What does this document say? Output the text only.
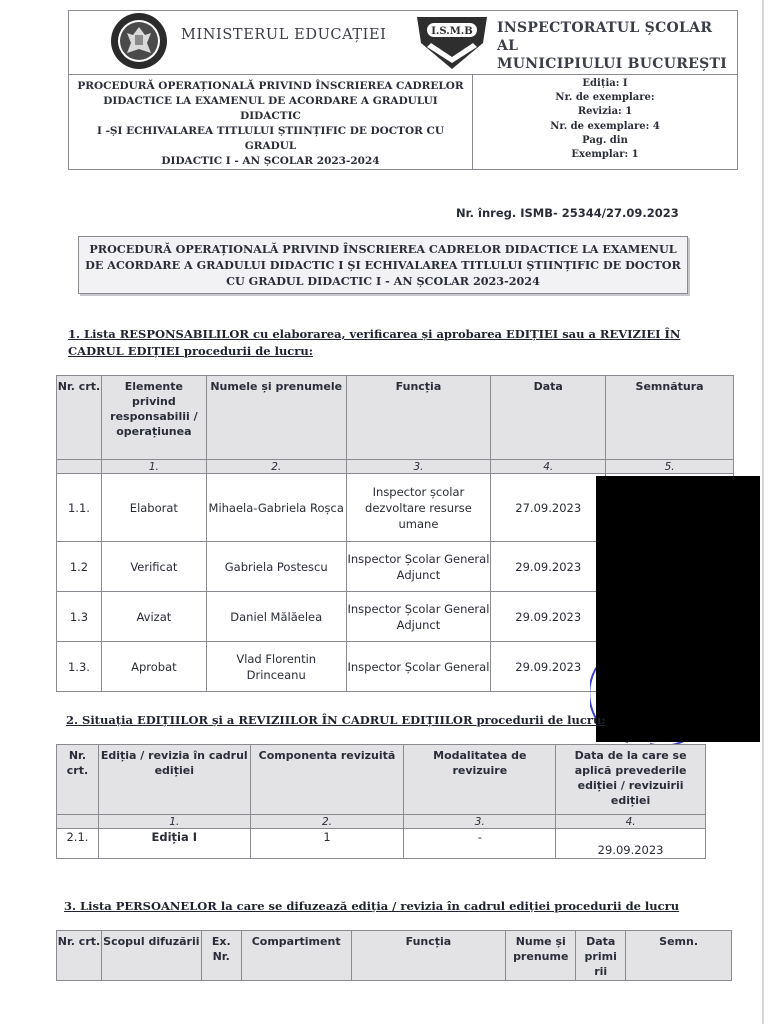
MINISTERUL EDUCAȚIEI	I.S.M.B INSPECTORATUL ȘCOLAR AL
MUNICIPIULUI BUCUREȘTI
PROCEDURĂ OPERAȚIONALĂ PRIVIND ÎNSCRIEREA CADRELOR
DIDACTICE LA EXAMENUL DE ACORDARE A GRADULUI DIDACTIC
I -ȘI ECHIVALAREA TITLULUI ȘTIINȚIFIC DE DOCTOR CU GRADUL
DIDACTIC I - AN ȘCOLAR 2023-2024
Ediția: I
Nr. de exemplare:
Revizia: 1
Nr. de exemplare: 4
Pag. din
Exemplar: 1
Nr. înreg. ISMB- 25344/27.09.2023
PROCEDURĂ OPERAȚIONALĂ PRIVIND ÎNSCRIEREA CADRELOR DIDACTICE LA EXAMENUL
DE ACORDARE A GRADULUI DIDACTIC I ȘI ECHIVALAREA TITLULUI ȘTIINȚIFIC DE DOCTOR
CU GRADUL DIDACTIC I - AN ȘCOLAR 2023-2024
1. Lista RESPONSABILILOR cu elaborarea, verificarea și aprobarea EDIȚIEI sau a REVIZIEI ÎN CADRUL EDIȚIEI procedurii de lucru:
Nr. crt.	Elemente privind responsabilii / operațiunea	Numele și prenumele	Funcția	Data	Semnătura
	1.	2.	3.	4.	5.
1.1.	Elaborat	Mihaela-Gabriela Roșca	Inspector școlar dezvoltare resurse umane	27.09.2023	
1.2	Verificat	Gabriela Postescu	Inspector Școlar General Adjunct	29.09.2023	
1.3	Avizat	Daniel Mălăelea	Inspector Școlar General Adjunct	29.09.2023	
1.3.	Aprobat	Vlad Florentin Drinceanu	Inspector Școlar General	29.09.2023	
2. Situația EDIȚIILOR și a REVIZIILOR ÎN CADRUL EDIȚIILOR procedurii de lucru:
Nr. crt.	Ediția / revizia în cadrul ediției	Componenta revizuită	Modalitatea de revizuire	Data de la care se aplică prevederile ediției / revizuirii ediției
	1.	2.	3.	4.
2.1.	Ediția I	1	-	29.09.2023
3. Lista PERSOANELOR la care se difuzează ediția / revizia în cadrul ediției procedurii de lucru
Nr. crt.	Scopul difuzării	Ex. Nr.	Compartiment	Funcția	Nume și prenume	Data primi rii	Semn.
